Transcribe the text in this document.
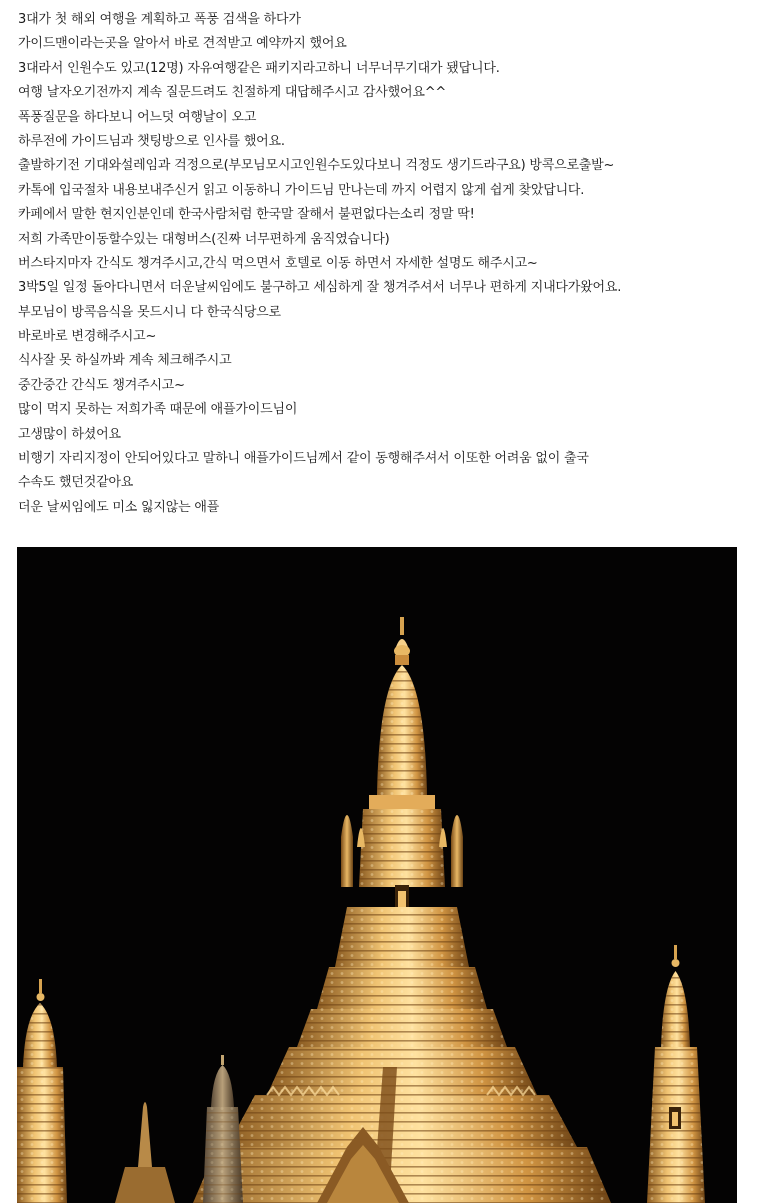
3대가 첫 해외 여행을 계획하고 폭풍 검색을 하다가
가이드맨이라는곳을 알아서 바로 견적받고 예약까지 했어요
3대라서 인원수도 있고(12명) 자유여행같은 패키지라고하니 너무너무기대가 됐답니다.
여행 날자오기전까지 계속 질문드려도 친절하게 대답해주시고 감사했어요^^
폭풍질문을 하다보니 어느덧 여행날이 오고
하루전에 가이드님과 챗팅방으로 인사를 했어요.
출발하기전 기대와설레임과 걱정으로(부모님모시고인원수도있다보니 걱정도 생기드라구요) 방콕으로출발~
카톡에 입국절차 내용보내주신거 읽고 이동하니 가이드님 만나는데 까지 어렵지 않게 쉽게 찾았답니다.
카페에서 말한 현지인분인데 한국사람처럼 한국말 잘해서 불편없다는소리 정말 딱!
저희 가족만이동할수있는 대형버스(진짜 너무편하게 움직였습니다)
버스타지마자 간식도 챙겨주시고,간식 먹으면서 호텔로 이동 하면서 자세한 설명도 해주시고~
3박5일 일정 돌아다니면서 더운날씨임에도 불구하고 세심하게 잘 챙겨주셔서 너무나 편하게 지내다가왔어요.
부모님이 방콕음식을 못드시니 다 한국식당으로
바로바로 변경해주시고~
식사잘 못 하실까봐 계속 체크해주시고
중간중간 간식도 챙겨주시고~
많이 먹지 못하는 저희가족 때문에 애플가이드님이
고생많이 하셨어요
비행기 자리지정이 안되어있다고 말하니 애플가이드님께서 같이 동행해주셔서 이또한 어려움 없이 출국
수속도 했던것같아요
더운 날씨임에도 미소 잃지않는 애플
